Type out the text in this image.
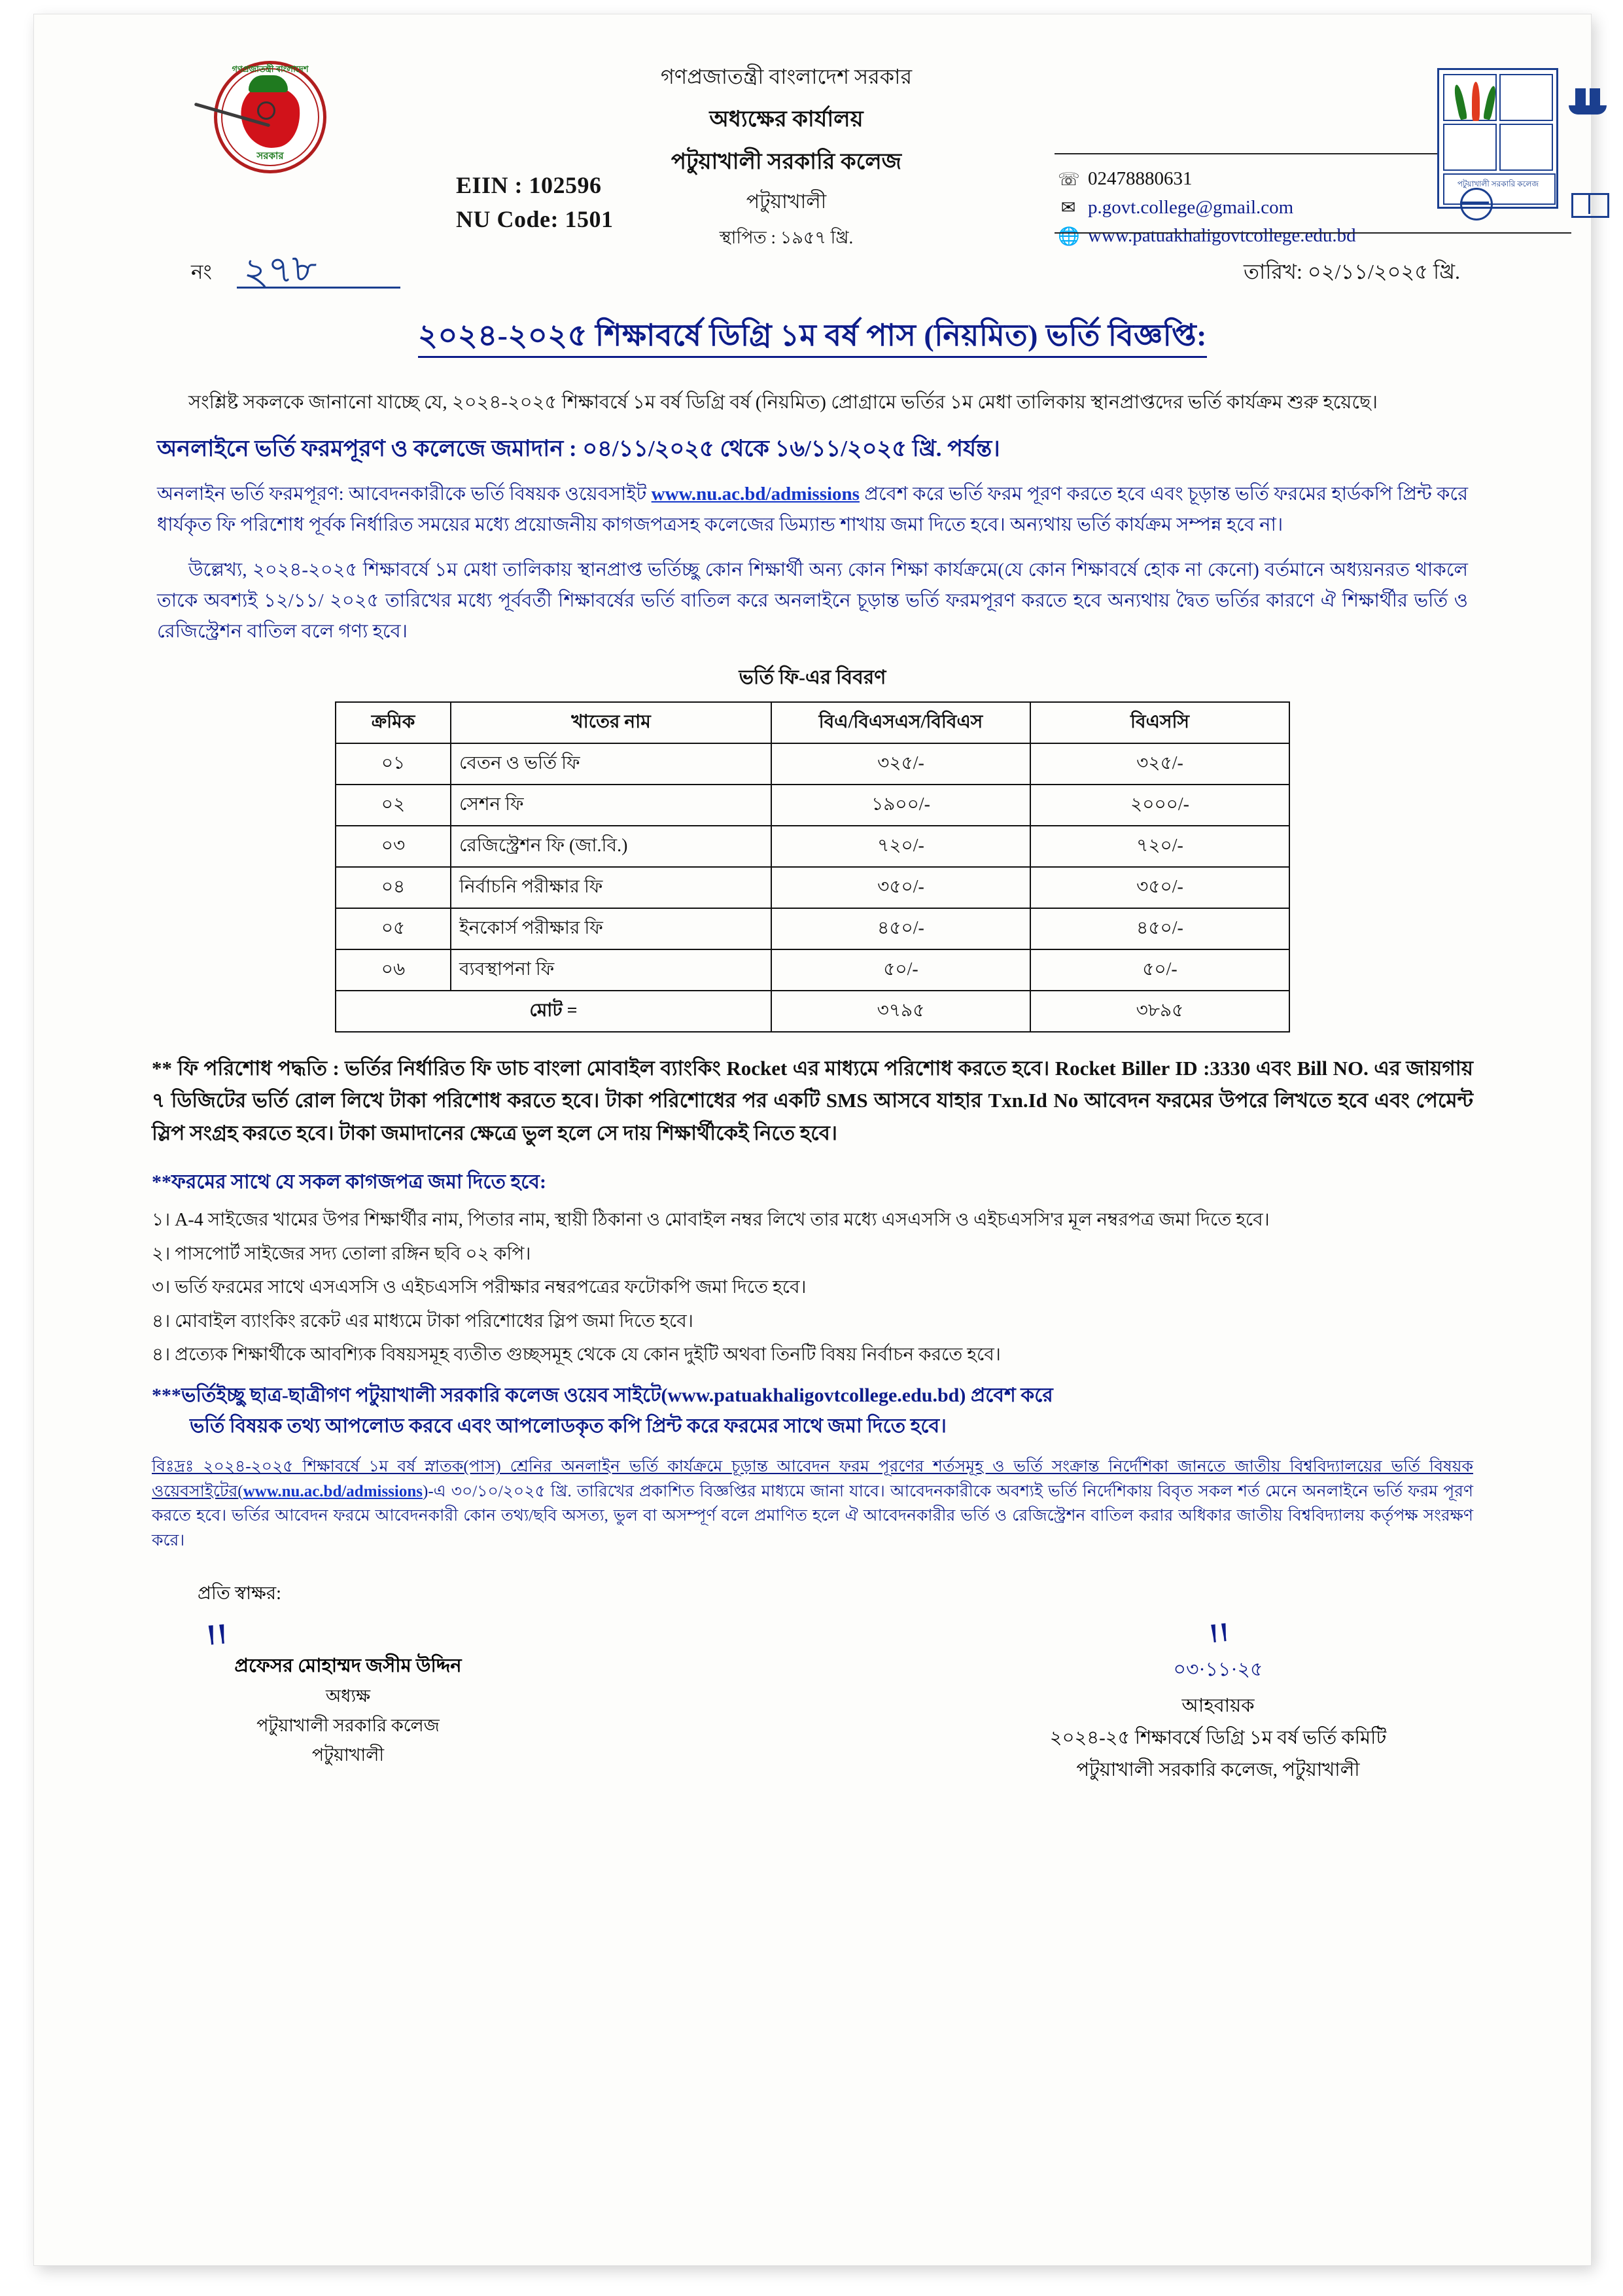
গণপ্রজাতন্ত্রী বাংলাদেশ
সরকার
EIIN : 102596
NU Code: 1501
গণপ্রজাতন্ত্রী বাংলাদেশ সরকার
অধ্যক্ষের কার্যালয়
পটুয়াখালী সরকারি কলেজ
পটুয়াখালী
স্থাপিত : ১৯৫৭ খ্রি.
☏ 02478880631
✉ p.govt.college@gmail.com
🌐 www.patuakhaligovtcollege.edu.bd
পটুয়াখালী সরকারি কলেজ
নং ২৭৮	তারিখ: ০২/১১/২০২৫ খ্রি.
২০২৪-২০২৫ শিক্ষাবর্ষে ডিগ্রি ১ম বর্ষ পাস (নিয়মিত) ভর্তি বিজ্ঞপ্তি:

সংশ্লিষ্ট সকলকে জানানো যাচ্ছে যে, ২০২৪-২০২৫ শিক্ষাবর্ষে ১ম বর্ষ ডিগ্রি বর্ষ (নিয়মিত) প্রোগ্রামে ভর্তির ১ম মেধা তালিকায় স্থানপ্রাপ্তদের ভর্তি কার্যক্রম শুরু হয়েছে।

অনলাইনে ভর্তি ফরমপূরণ ও কলেজে জমাদান : ০৪/১১/২০২৫ থেকে ১৬/১১/২০২৫ খ্রি. পর্যন্ত।

অনলাইন ভর্তি ফরমপূরণ: আবেদনকারীকে ভর্তি বিষয়ক ওয়েবসাইট www.nu.ac.bd/admissions প্রবেশ করে ভর্তি ফরম পূরণ করতে হবে এবং চূড়ান্ত ভর্তি ফরমের হার্ডকপি প্রিন্ট করে ধার্যকৃত ফি পরিশোধ পূর্বক নির্ধারিত সময়ের মধ্যে প্রয়োজনীয় কাগজপত্রসহ কলেজের ডিম্যান্ড শাখায় জমা দিতে হবে। অন্যথায় ভর্তি কার্যক্রম সম্পন্ন হবে না।

উল্লেখ্য, ২০২৪-২০২৫ শিক্ষাবর্ষে ১ম মেধা তালিকায় স্থানপ্রাপ্ত ভর্তিচ্ছু কোন শিক্ষার্থী অন্য কোন শিক্ষা কার্যক্রমে(যে কোন শিক্ষাবর্ষে হোক না কেনো) বর্তমানে অধ্যয়নরত থাকলে তাকে অবশ্যই ১২/১১/ ২০২৫ তারিখের মধ্যে পূর্ববর্তী শিক্ষাবর্ষের ভর্তি বাতিল করে অনলাইনে চূড়ান্ত ভর্তি ফরমপূরণ করতে হবে অন্যথায় দ্বৈত ভর্তির কারণে ঐ শিক্ষার্থীর ভর্তি ও রেজিস্ট্রেশন বাতিল বলে গণ্য হবে।

ভর্তি ফি-এর বিবরণ
ক্রমিক	খাতের নাম	বিএ/বিএসএস/বিবিএস	বিএসসি
০১	বেতন ও ভর্তি ফি	৩২৫/-	৩২৫/-
০২	সেশন ফি	১৯০০/-	২০০০/-
০৩	রেজিস্ট্রেশন ফি (জা.বি.)	৭২০/-	৭২০/-
০৪	নির্বাচনি পরীক্ষার ফি	৩৫০/-	৩৫০/-
০৫	ইনকোর্স পরীক্ষার ফি	৪৫০/-	৪৫০/-
০৬	ব্যবস্থাপনা ফি	৫০/-	৫০/-
মোট =		৩৭৯৫	৩৮৯৫
** ফি পরিশোধ পদ্ধতি : ভর্তির নির্ধারিত ফি ডাচ বাংলা মোবাইল ব্যাংকিং Rocket এর মাধ্যমে পরিশোধ করতে হবে। Rocket Biller ID :3330 এবং Bill NO. এর জায়গায় ৭ ডিজিটের ভর্তি রোল লিখে টাকা পরিশোধ করতে হবে। টাকা পরিশোধের পর একটি SMS আসবে যাহার Txn.Id No আবেদন ফরমের উপরে লিখতে হবে এবং পেমেন্ট স্লিপ সংগ্রহ করতে হবে। টাকা জমাদানের ক্ষেত্রে ভুল হলে সে দায় শিক্ষার্থীকেই নিতে হবে।
**ফরমের সাথে যে সকল কাগজপত্র জমা দিতে হবে:
১। A-4 সাইজের খামের উপর শিক্ষার্থীর নাম, পিতার নাম, স্থায়ী ঠিকানা ও মোবাইল নম্বর লিখে তার মধ্যে এসএসসি ও এইচএসসি'র মূল নম্বরপত্র জমা দিতে হবে।
২। পাসপোর্ট সাইজের সদ্য তোলা রঙ্গিন ছবি ০২ কপি।
৩। ভর্তি ফরমের সাথে এসএসসি ও এইচএসসি পরীক্ষার নম্বরপত্রের ফটোকপি জমা দিতে হবে।
৪। মোবাইল ব্যাংকিং রকেট এর মাধ্যমে টাকা পরিশোধের স্লিপ জমা দিতে হবে।
৪। প্রত্যেক শিক্ষার্থীকে আবশ্যিক বিষয়সমূহ ব্যতীত গুচ্ছসমূহ থেকে যে কোন দুইটি অথবা তিনটি বিষয় নির্বাচন করতে হবে।
***ভর্তিইচ্ছু ছাত্র-ছাত্রীগণ পটুয়াখালী সরকারি কলেজ ওয়েব সাইটে(www.patuakhaligovtcollege.edu.bd) প্রবেশ করে
ভর্তি বিষয়ক তথ্য আপলোড করবে এবং আপলোডকৃত কপি প্রিন্ট করে ফরমের সাথে জমা দিতে হবে।
বিঃদ্রঃ ২০২৪-২০২৫ শিক্ষাবর্ষে ১ম বর্ষ স্নাতক(পাস) শ্রেনির অনলাইন ভর্তি কার্যক্রমে চূড়ান্ত আবেদন ফরম পূরণের শর্তসমূহ ও ভর্তি সংক্রান্ত নির্দেশিকা জানতে জাতীয় বিশ্ববিদ্যালয়ের ভর্তি বিষয়ক ওয়েবসাইটের(www.nu.ac.bd/admissions)-এ ৩০/১০/২০২৫ খ্রি. তারিখের প্রকাশিত বিজ্ঞপ্তির মাধ্যমে জানা যাবে। আবেদনকারীকে অবশ্যই ভর্তি নির্দেশিকায় বিবৃত সকল শর্ত মেনে অনলাইনে ভর্তি ফরম পূরণ করতে হবে। ভর্তির আবেদন ফরমে আবেদনকারী কোন তথ্য/ছবি অসত্য, ভুল বা অসম্পূর্ণ বলে প্রমাণিত হলে ঐ আবেদনকারীর ভর্তি ও রেজিস্ট্রেশন বাতিল করার অধিকার জাতীয় বিশ্ববিদ্যালয় কর্তৃপক্ষ সংরক্ষণ করে।
প্রতি স্বাক্ষর:
ꞋꞋ
প্রফেসর মোহাম্মদ জসীম উদ্দিন
অধ্যক্ষ
পটুয়াখালী সরকারি কলেজ
পটুয়াখালী
ꞋꞋ
০৩·১১·২৫
আহবায়ক
২০২৪-২৫ শিক্ষাবর্ষে ডিগ্রি ১ম বর্ষ ভর্তি কমিটি
পটুয়াখালী সরকারি কলেজ, পটুয়াখালী
